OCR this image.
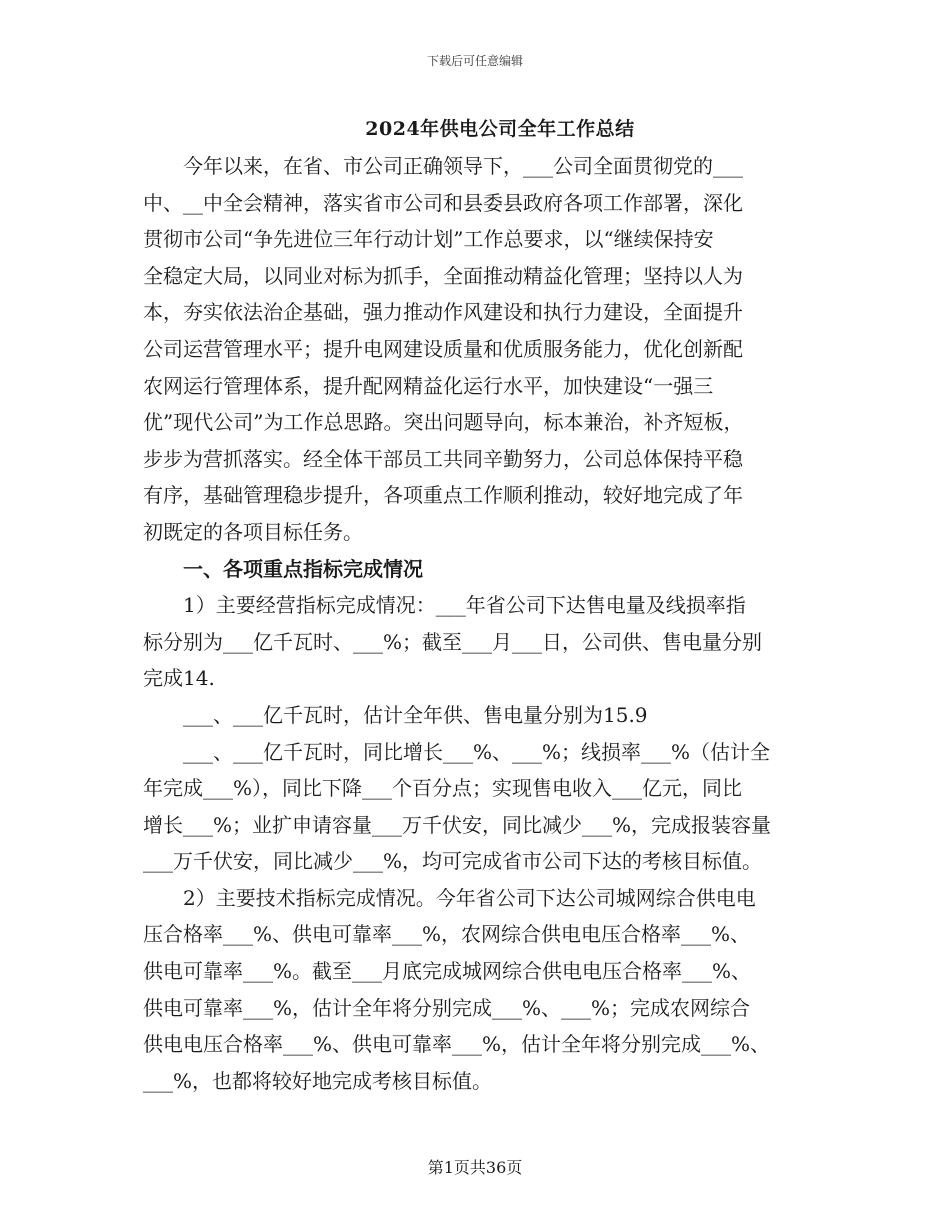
下载后可任意编辑
2024年供电公司全年工作总结
今年以来，在省、市公司正确领导下，___公司全面贯彻党的___
中、__中全会精神，落实省市公司和县委县政府各项工作部署，深化
贯彻市公司“争先进位三年行动计划”工作总要求，以“继续保持安
全稳定大局，以同业对标为抓手，全面推动精益化管理；坚持以人为
本，夯实依法治企基础，强力推动作风建设和执行力建设，全面提升
公司运营管理水平；提升电网建设质量和优质服务能力，优化创新配
农网运行管理体系，提升配网精益化运行水平，加快建设“一强三
优”现代公司”为工作总思路。突出问题导向，标本兼治，补齐短板，
步步为营抓落实。经全体干部员工共同辛勤努力，公司总体保持平稳
有序，基础管理稳步提升，各项重点工作顺利推动，较好地完成了年
初既定的各项目标任务。
一、各项重点指标完成情况
1）主要经营指标完成情况：___年省公司下达售电量及线损率指
标分别为___亿千瓦时、___%；截至___月___日，公司供、售电量分别
完成14.
___、___亿千瓦时，估计全年供、售电量分别为15.9
___、___亿千瓦时，同比增长___%、___%；线损率___%（估计全
年完成___%），同比下降___个百分点；实现售电收入___亿元，同比
增长___%；业扩申请容量___万千伏安，同比减少___%，完成报装容量
___万千伏安，同比减少___%，均可完成省市公司下达的考核目标值。
2）主要技术指标完成情况。今年省公司下达公司城网综合供电电
压合格率___%、供电可靠率___%，农网综合供电电压合格率___%、
供电可靠率___%。截至___月底完成城网综合供电电压合格率___%、
供电可靠率___%，估计全年将分别完成___%、___%；完成农网综合
供电电压合格率___%、供电可靠率___%，估计全年将分别完成___%、
___%，也都将较好地完成考核目标值。
第1页共36页
